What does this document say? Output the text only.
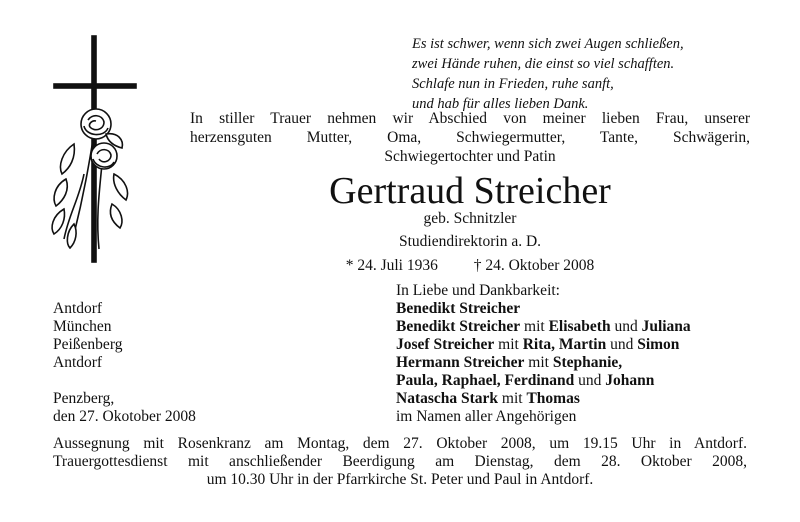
Es ist schwer, wenn sich zwei Augen schließen,
zwei Hände ruhen, die einst so viel schafften.
Schlafe nun in Frieden, ruhe sanft,
und hab für alles lieben Dank.
In stiller Trauer nehmen wir Abschied von meiner lieben Frau, unserer
herzensguten Mutter, Oma, Schwiegermutter, Tante, Schwägerin,
Schwiegertochter und Patin
Gertraud Streicher
geb. Schnitzler
Studiendirektorin a. D.
* 24. Juli 1936 † 24. Oktober 2008
In Liebe und Dankbarkeit:
Benedikt Streicher
Benedikt Streicher mit Elisabeth und Juliana
Josef Streicher mit Rita, Martin und Simon
Hermann Streicher mit Stephanie,
Paula, Raphael, Ferdinand und Johann
Natascha Stark mit Thomas
im Namen aller Angehörigen
Antdorf
München
Peißenberg
Antdorf
Penzberg,
den 27. Okotober 2008
Aussegnung mit Rosenkranz am Montag, dem 27. Oktober 2008, um 19.15 Uhr in Antdorf.
Trauergottesdienst mit anschließender Beerdigung am Dienstag, dem 28. Oktober 2008,
um 10.30 Uhr in der Pfarrkirche St. Peter und Paul in Antdorf.
